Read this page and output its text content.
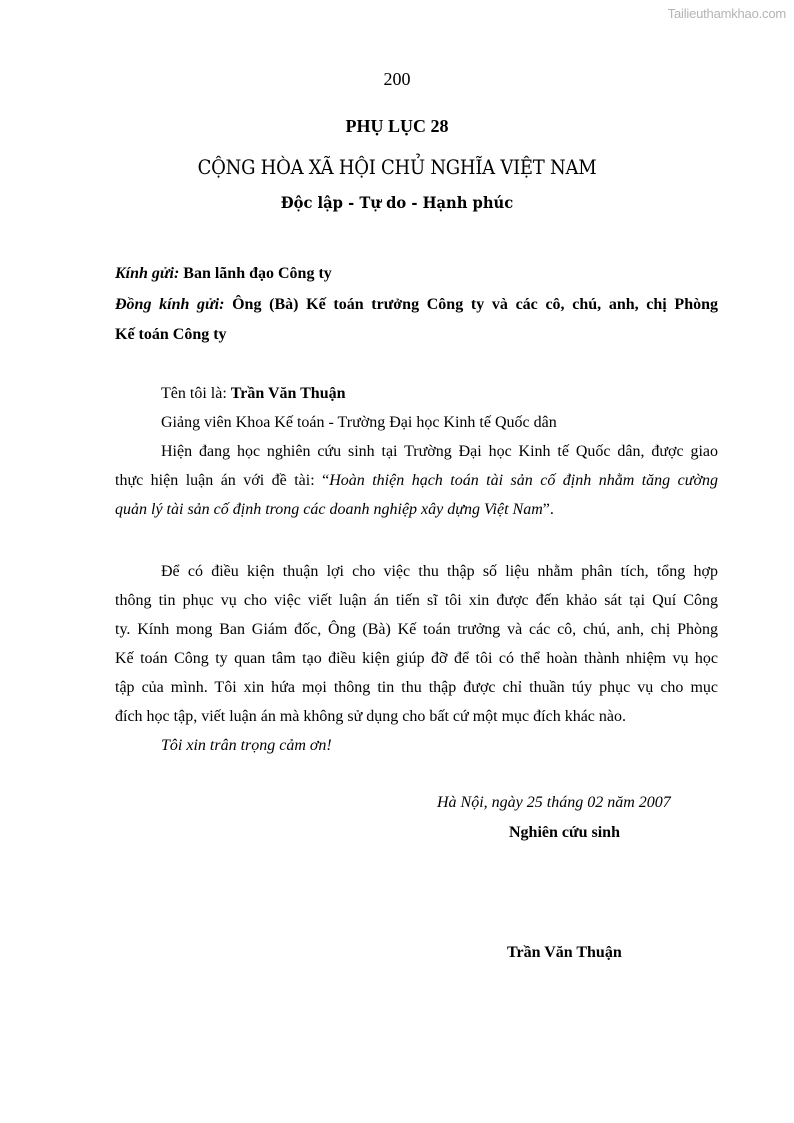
Tailieuthamkhao.com
200
PHỤ LỤC 28
CỘNG HÒA XÃ HỘI CHỦ NGHĨA VIỆT NAM
Độc lập - Tự do - Hạnh phúc
Kính gửi: Ban lãnh đạo Công ty
Đồng kính gửi: Ông (Bà) Kế toán trưởng Công ty và các cô, chú, anh, chị Phòng
Kế toán Công ty
Tên tôi là: Trần Văn Thuận
Giảng viên Khoa Kế toán - Trường Đại học Kinh tế Quốc dân
Hiện đang học nghiên cứu sinh tại Trường Đại học Kinh tế Quốc dân, được giao
thực hiện luận án với đề tài: “Hoàn thiện hạch toán tài sản cố định nhằm tăng cường
quản lý tài sản cố định trong các doanh nghiệp xây dựng Việt Nam”.
Để có điều kiện thuận lợi cho việc thu thập số liệu nhằm phân tích, tổng hợp
thông tin phục vụ cho việc viết luận án tiến sĩ tôi xin được đến khảo sát tại Quí Công
ty. Kính mong Ban Giám đốc, Ông (Bà) Kế toán trưởng và các cô, chú, anh, chị Phòng
Kế toán Công ty quan tâm tạo điều kiện giúp đỡ để tôi có thể hoàn thành nhiệm vụ học
tập của mình. Tôi xin hứa mọi thông tin thu thập được chỉ thuần túy phục vụ cho mục
đích học tập, viết luận án mà không sử dụng cho bất cứ một mục đích khác nào.
Tôi xin trân trọng cảm ơn!
Hà Nội, ngày 25 tháng 02 năm 2007
Nghiên cứu sinh
Trần Văn Thuận
